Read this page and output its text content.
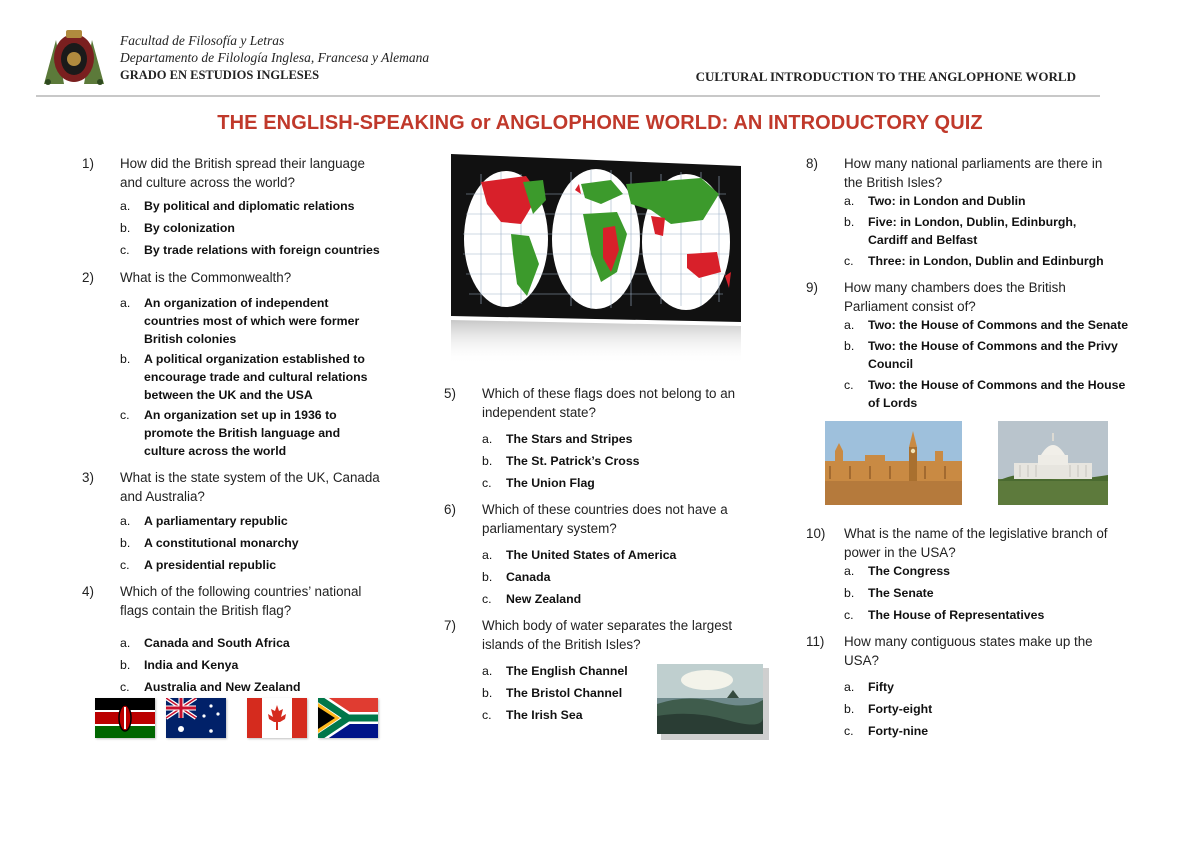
Facultad de Filosofía y Letras
Departamento de Filología Inglesa, Francesa y Alemana
GRADO EN ESTUDIOS INGLESES	CULTURAL INTRODUCTION TO THE ANGLOPHONE WORLD
THE ENGLISH-SPEAKING or ANGLOPHONE WORLD: AN INTRODUCTORY QUIZ
1) How did the British spread their language
and culture across the world?
a. By political and diplomatic relations
b. By colonization
c. By trade relations with foreign countries
2) What is the Commonwealth?
a. An organization of independent countries most of which were former British colonies
b. A political organization established to encourage trade and cultural relations between the UK and the USA
c. An organization set up in 1936 to promote the British language and culture across the world
3) What is the state system of the UK, Canada
and Australia?
a. A parliamentary republic
b. A constitutional monarchy
c. A presidential republic
4) Which of the following countries’ national
flags contain the British flag?
a. Canada and South Africa
b. India and Kenya
c. Australia and New Zealand
5) Which of these flags does not belong to an
independent state?
a. The Stars and Stripes
b. The St. Patrick’s Cross
c. The Union Flag
6) Which of these countries does not have a
parliamentary system?
a. The United States of America
b. Canada
c. New Zealand
7) Which body of water separates the largest
islands of the British Isles?
a. The English Channel
b. The Bristol Channel
c. The Irish Sea
8) How many national parliaments are there in
the British Isles?
a. Two: in London and Dublin
b. Five: in London, Dublin, Edinburgh, Cardiff and Belfast
c. Three: in London, Dublin and Edinburgh
9) How many chambers does the British
Parliament consist of?
a. Two: the House of Commons and the Senate
b. Two: the House of Commons and the Privy Council
c. Two: the House of Commons and the House of Lords
10) What is the name of the legislative branch of
power in the USA?
a. The Congress
b. The Senate
c. The House of Representatives
11) How many contiguous states make up the
USA?
a. Fifty
b. Forty-eight
c. Forty-nine
